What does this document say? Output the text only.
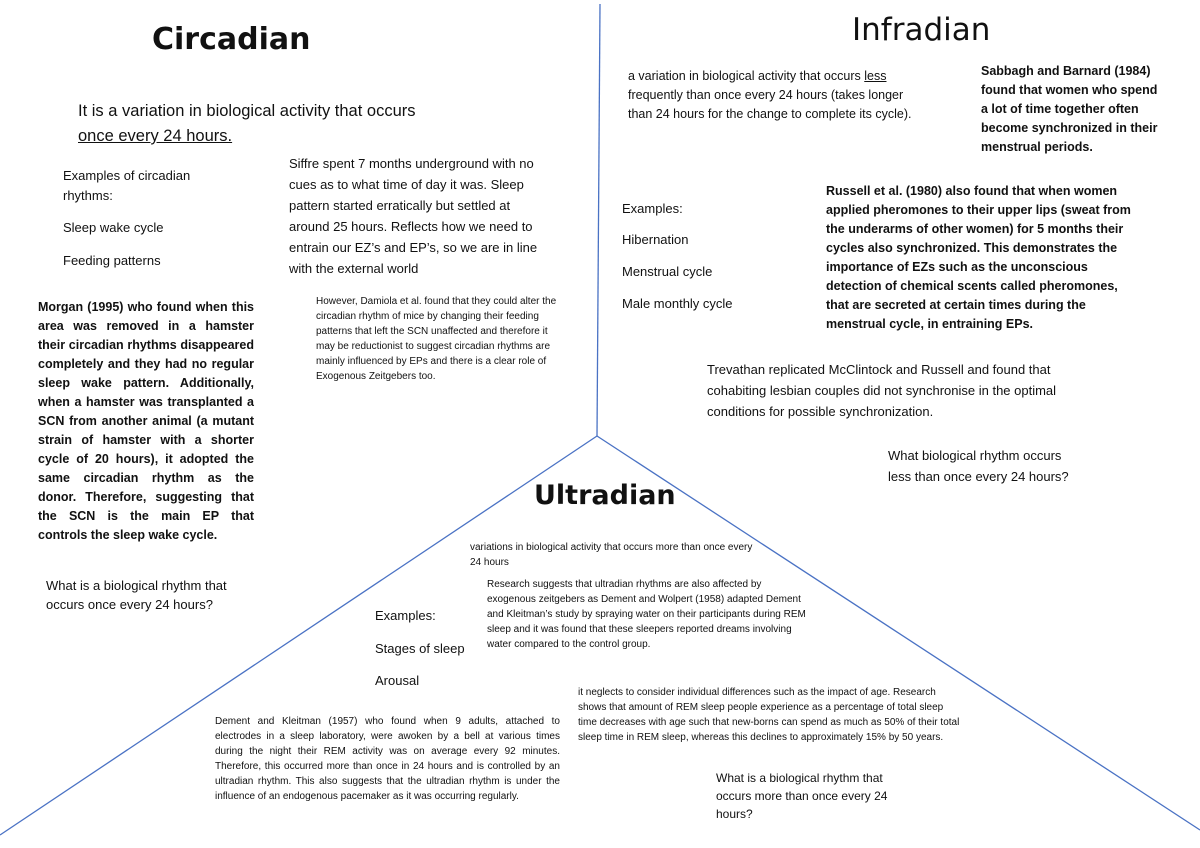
Circadian
It is a variation in biological activity that occurs
once every 24 hours.
Examples of circadian rhythms:
Sleep wake cycle
Feeding patterns
Siffre spent 7 months underground with no cues as to what time of day it was. Sleep pattern started erratically but settled at around 25 hours. Reflects how we need to entrain our EZ’s and EP’s, so we are in line with the external world
However, Damiola et al. found that they could alter the circadian rhythm of mice by changing their feeding patterns that left the SCN unaffected and therefore it may be reductionist to suggest circadian rhythms are mainly influenced by EPs and there is a clear role of Exogenous Zeitgebers too.
Morgan (1995) who found when this area was removed in a hamster their circadian rhythms disappeared completely and they had no regular sleep wake pattern. Additionally, when a hamster was transplanted a SCN from another animal (a mutant strain of hamster with a shorter cycle of 20 hours), it adopted the same circadian rhythm as the donor. Therefore, suggesting that the SCN is the main EP that controls the sleep wake cycle.
What is a biological rhythm that occurs once every 24 hours?
Infradian
a variation in biological activity that occurs less frequently than once every 24 hours (takes longer than 24 hours for the change to complete its cycle).
Sabbagh and Barnard (1984) found that women who spend a lot of time together often become synchronized in their menstrual periods.
Examples:
Hibernation
Menstrual cycle
Male monthly cycle
Russell et al. (1980) also found that when women applied pheromones to their upper lips (sweat from the underarms of other women) for 5 months their cycles also synchronized. This demonstrates the importance of EZs such as the unconscious detection of chemical scents called pheromones, that are secreted at certain times during the menstrual cycle, in entraining EPs.
Trevathan replicated McClintock and Russell and found that cohabiting lesbian couples did not synchronise in the optimal conditions for possible synchronization.
What biological rhythm occurs less than once every 24 hours?
Ultradian
variations in biological activity that occurs more than once every 24 hours
Research suggests that ultradian rhythms are also affected by exogenous zeitgebers as Dement and Wolpert (1958) adapted Dement and Kleitman’s study by spraying water on their participants during REM sleep and it was found that these sleepers reported dreams involving water compared to the control group.
Examples:
Stages of sleep
Arousal
it neglects to consider individual differences such as the impact of age. Research shows that amount of REM sleep people experience as a percentage of total sleep time decreases with age such that new-borns can spend as much as 50% of their total sleep time in REM sleep, whereas this declines to approximately 15% by 50 years.
Dement and Kleitman (1957) who found when 9 adults, attached to electrodes in a sleep laboratory, were awoken by a bell at various times during the night their REM activity was on average every 92 minutes. Therefore, this occurred more than once in 24 hours and is controlled by an ultradian rhythm. This also suggests that the ultradian rhythm is under the influence of an endogenous pacemaker as it was occurring regularly.
What is a biological rhythm that occurs more than once every 24 hours?
